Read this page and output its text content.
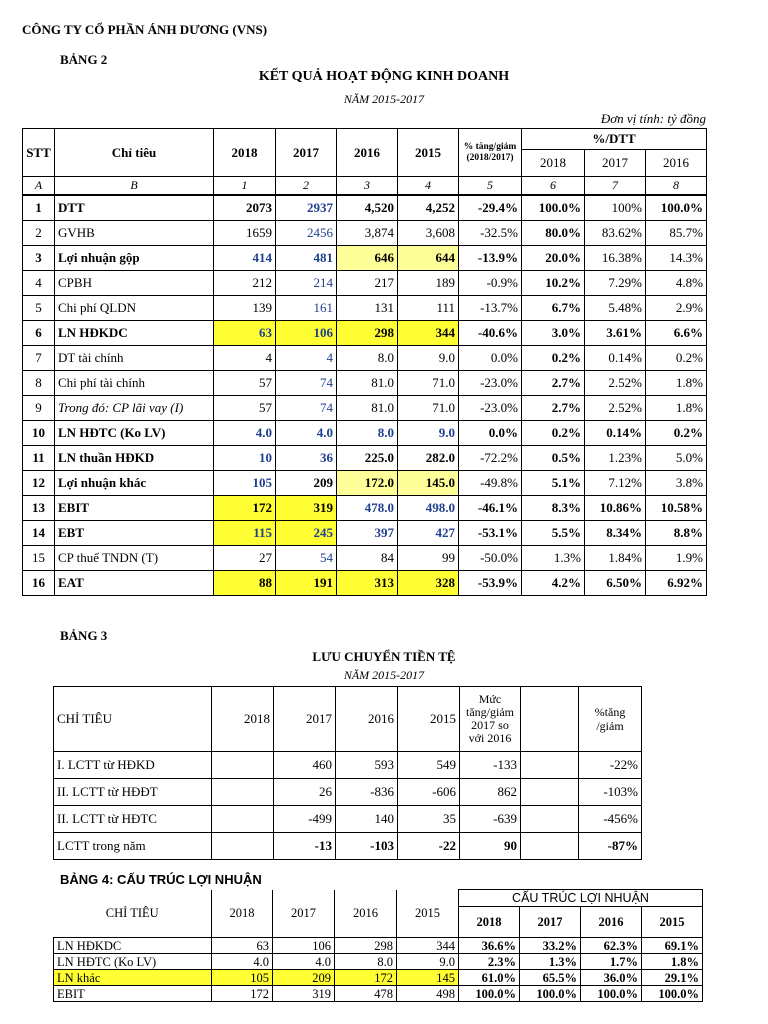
CÔNG TY CỔ PHẦN ÁNH DƯƠNG (VNS)
BẢNG 2
KẾT QUẢ HOẠT ĐỘNG KINH DOANH
NĂM 2015-2017
Đơn vị tính: tỷ đồng
STT	Chỉ tiêu	2018	2017	2016	2015	% tăng/giảm (2018/2017)	%/DTT		
							2018	2017	2016
A	B	1	2	3	4	5	6	7	8
1	DTT	2073	2937	4,520	4,252	-29.4%	100.0%	100%	100.0%
2	GVHB	1659	2456	3,874	3,608	-32.5%	80.0%	83.62%	85.7%
3	Lợi nhuận gộp	414	481	646	644	-13.9%	20.0%	16.38%	14.3%
4	CPBH	212	214	217	189	-0.9%	10.2%	7.29%	4.8%
5	Chi phí QLDN	139	161	131	111	-13.7%	6.7%	5.48%	2.9%
6	LN HĐKDC	63	106	298	344	-40.6%	3.0%	3.61%	6.6%
7	DT tài chính	4	4	8.0	9.0	0.0%	0.2%	0.14%	0.2%
8	Chi phí tài chính	57	74	81.0	71.0	-23.0%	2.7%	2.52%	1.8%
9	Trong đó: CP lãi vay (I)	57	74	81.0	71.0	-23.0%	2.7%	2.52%	1.8%
10	LN HĐTC (Ko LV)	4.0	4.0	8.0	9.0	0.0%	0.2%	0.14%	0.2%
11	LN thuần HĐKD	10	36	225.0	282.0	-72.2%	0.5%	1.23%	5.0%
12	Lợi nhuận khác	105	209	172.0	145.0	-49.8%	5.1%	7.12%	3.8%
13	EBIT	172	319	478.0	498.0	-46.1%	8.3%	10.86%	10.58%
14	EBT	115	245	397	427	-53.1%	5.5%	8.34%	8.8%
15	CP thuế TNDN (T)	27	54	84	99	-50.0%	1.3%	1.84%	1.9%
16	EAT	88	191	313	328	-53.9%	4.2%	6.50%	6.92%
BẢNG 3
LƯU CHUYỂN TIỀN TỆ
NĂM 2015-2017
CHỈ TIÊU	2018	2017	2016	2015	Mức tăng/giảm 2017 so với 2016		%tăng /giảm
I. LCTT từ HĐKD		460	593	549	-133		-22%
II. LCTT từ HĐĐT		26	-836	-606	862		-103%
II. LCTT từ HĐTC		-499	140	35	-639		-456%
LCTT trong năm		-13	-103	-22	90		-87%
BẢNG 4: CẤU TRÚC LỢI NHUẬN
CHỈ TIÊU	2018	2017	2016	2015	CẤU TRÚC LỢI NHUẬN			
					2018	2017	2016	2015
LN HĐKDC	63	106	298	344	36.6%	33.2%	62.3%	69.1%
LN HĐTC (Ko LV)	4.0	4.0	8.0	9.0	2.3%	1.3%	1.7%	1.8%
LN khác	105	209	172	145	61.0%	65.5%	36.0%	29.1%
EBIT	172	319	478	498	100.0%	100.0%	100.0%	100.0%
